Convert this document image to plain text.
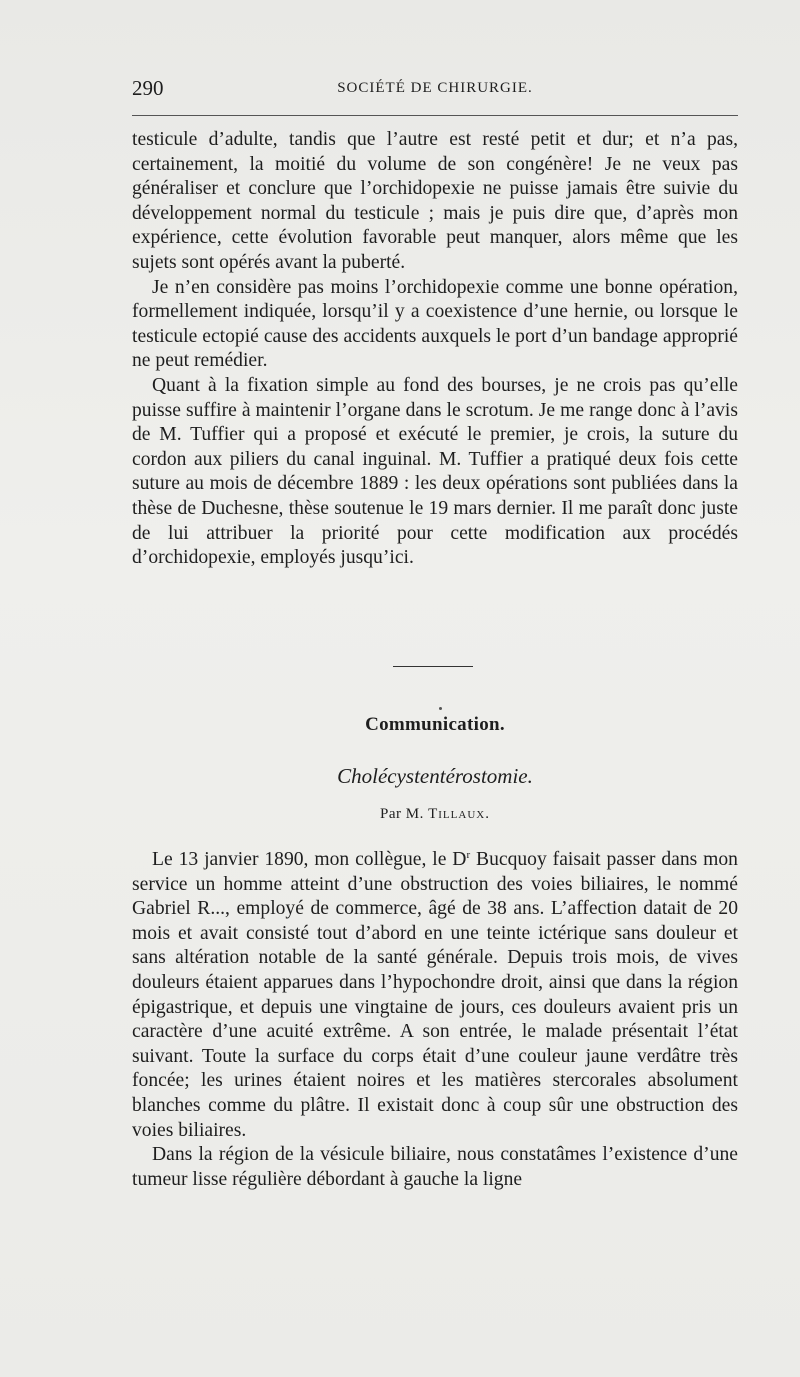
290	SOCIÉTÉ DE CHIRURGIE.

testicule d’adulte, tandis que l’autre est resté petit et dur; et n’a pas, certainement, la moitié du volume de son congénère! Je ne veux pas généraliser et conclure que l’orchidopexie ne puisse jamais être suivie du développement normal du testicule ; mais je puis dire que, d’après mon expérience, cette évolution favorable peut manquer, alors même que les sujets sont opérés avant la puberté.

Je n’en considère pas moins l’orchidopexie comme une bonne opération, formellement indiquée, lorsqu’il y a coexistence d’une hernie, ou lorsque le testicule ectopié cause des accidents auxquels le port d’un bandage approprié ne peut remédier.

Quant à la fixation simple au fond des bourses, je ne crois pas qu’elle puisse suffire à maintenir l’organe dans le scrotum. Je me range donc à l’avis de M. Tuffier qui a proposé et exécuté le premier, je crois, la suture du cordon aux piliers du canal inguinal. M. Tuffier a pratiqué deux fois cette suture au mois de décembre 1889 : les deux opérations sont publiées dans la thèse de Duchesne, thèse soutenue le 19 mars dernier. Il me paraît donc juste de lui attribuer la priorité pour cette modification aux procédés d’orchidopexie, employés jusqu’ici.

Communication.
Cholécystentérostomie.
Par M. Tillaux.

Le 13 janvier 1890, mon collègue, le $D^r$ Bucquoy faisait passer dans mon service un homme atteint d’une obstruction des voies biliaires, le nommé Gabriel R..., employé de commerce, âgé de 38 ans. L’affection datait de 20 mois et avait consisté tout d’abord en une teinte ictérique sans douleur et sans altération notable de la santé générale. Depuis trois mois, de vives douleurs étaient apparues dans l’hypochondre droit, ainsi que dans la région épigastrique, et depuis une vingtaine de jours, ces douleurs avaient pris un caractère d’une acuité extrême. A son entrée, le malade présentait l’état suivant. Toute la surface du corps était d’une couleur jaune verdâtre très foncée; les urines étaient noires et les matières stercorales absolument blanches comme du plâtre. Il existait donc à coup sûr une obstruction des voies biliaires.

Dans la région de la vésicule biliaire, nous constatâmes l’existence d’une tumeur lisse régulière débordant à gauche la ligne
